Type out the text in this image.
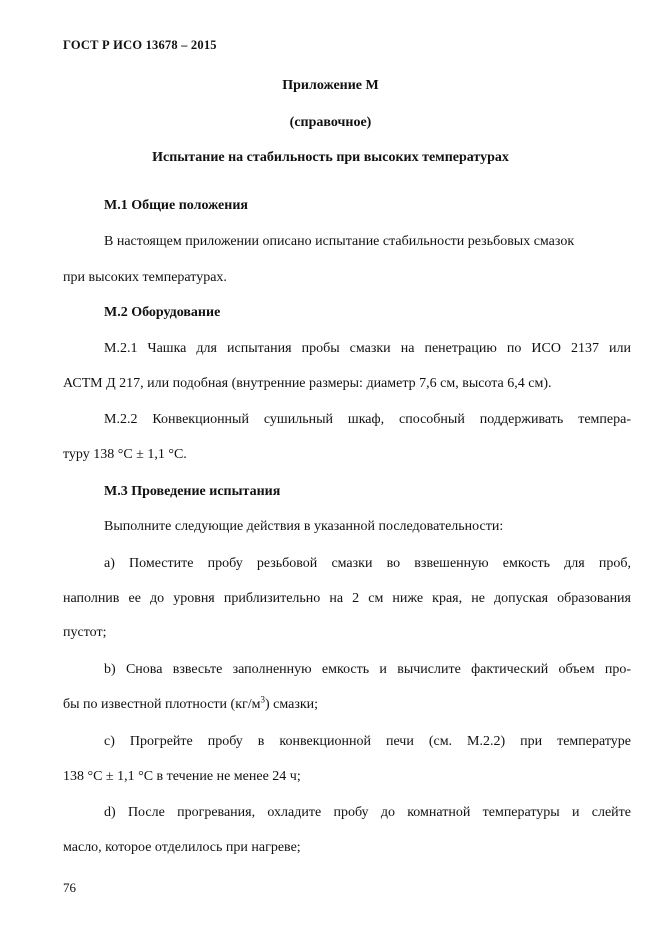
ГОСТ Р ИСО 13678 – 2015
Приложение М
(справочное)
Испытание на стабильность при высоких температурах
М.1 Общие положения
В настоящем приложении описано испытание стабильности резьбовых смазок
при высоких температурах.
М.2 Оборудование
М.2.1 Чашка для испытания пробы смазки на пенетрацию по ИСО 2137 или
АСТМ Д 217, или подобная (внутренние размеры: диаметр 7,6 см, высота 6,4 см).
М.2.2 Конвекционный сушильный шкаф, способный поддерживать темпера-
туру 138 °С ± 1,1 °С.
М.3 Проведение испытания
Выполните следующие действия в указанной последовательности:
a) Поместите пробу резьбовой смазки во взвешенную емкость для проб,
наполнив ее до уровня приблизительно на 2 см ниже края, не допуская образования
пустот;
b) Снова взвесьте заполненную емкость и вычислите фактический объем про-
бы по известной плотности $(кг/м^3)$ смазки;
c) Прогрейте пробу в конвекционной печи (см. М.2.2) при температуре
138 °С ± 1,1 °С в течение не менее 24 ч;
d) После прогревания, охладите пробу до комнатной температуры и слейте
масло, которое отделилось при нагреве;
76
